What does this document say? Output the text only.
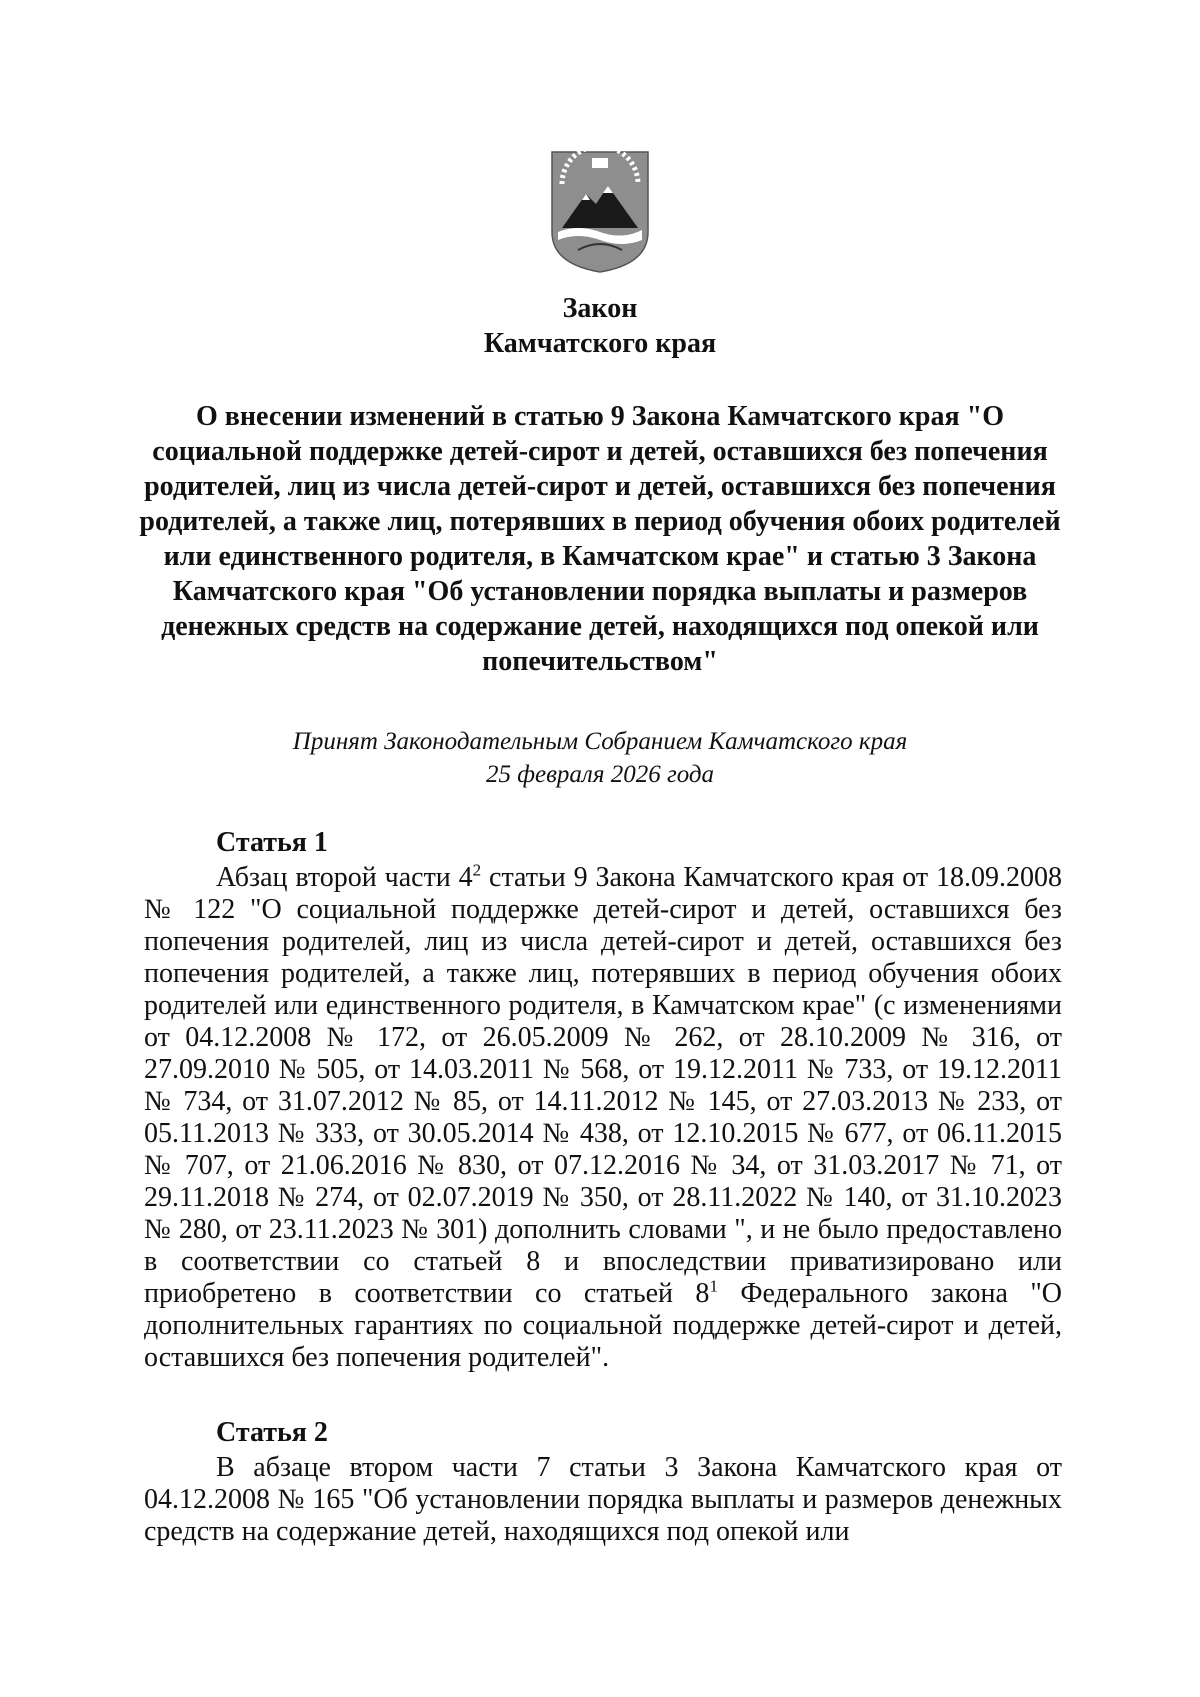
Закон
Камчатского края
О внесении изменений в статью 9 Закона Камчатского края "О социальной поддержке детей-сирот и детей, оставшихся без попечения родителей, лиц из числа детей-сирот и детей, оставшихся без попечения родителей, а также лиц, потерявших в период обучения обоих родителей или единственного родителя, в Камчатском крае" и статью 3 Закона Камчатского края "Об установлении порядка выплаты и размеров денежных средств на содержание детей, находящихся под опекой или попечительством"
Принят Законодательным Собранием Камчатского края
25 февраля 2026 года
Статья 1

Абзац второй части $4^2$ статьи 9 Закона Камчатского края от 18.09.2008 № 122 "О социальной поддержке детей-сирот и детей, оставшихся без попечения родителей, лиц из числа детей-сирот и детей, оставшихся без попечения родителей, а также лиц, потерявших в период обучения обоих родителей или единственного родителя, в Камчатском крае" (с изменениями от 04.12.2008 № 172, от 26.05.2009 № 262, от 28.10.2009 № 316, от 27.09.2010 № 505, от 14.03.2011 № 568, от 19.12.2011 № 733, от 19.12.2011 № 734, от 31.07.2012 № 85, от 14.11.2012 № 145, от 27.03.2013 № 233, от 05.11.2013 № 333, от 30.05.2014 № 438, от 12.10.2015 № 677, от 06.11.2015 № 707, от 21.06.2016 № 830, от 07.12.2016 № 34, от 31.03.2017 № 71, от 29.11.2018 № 274, от 02.07.2019 № 350, от 28.11.2022 № 140, от 31.10.2023 № 280, от 23.11.2023 № 301) дополнить словами ", и не было предоставлено в соответствии со статьей 8 и впоследствии приватизировано или приобретено в соответствии со статьей $8^1$ Федерального закона "О дополнительных гарантиях по социальной поддержке детей-сирот и детей, оставшихся без попечения родителей".

Статья 2

В абзаце втором части 7 статьи 3 Закона Камчатского края от 04.12.2008 № 165 "Об установлении порядка выплаты и размеров денежных средств на содержание детей, находящихся под опекой или
